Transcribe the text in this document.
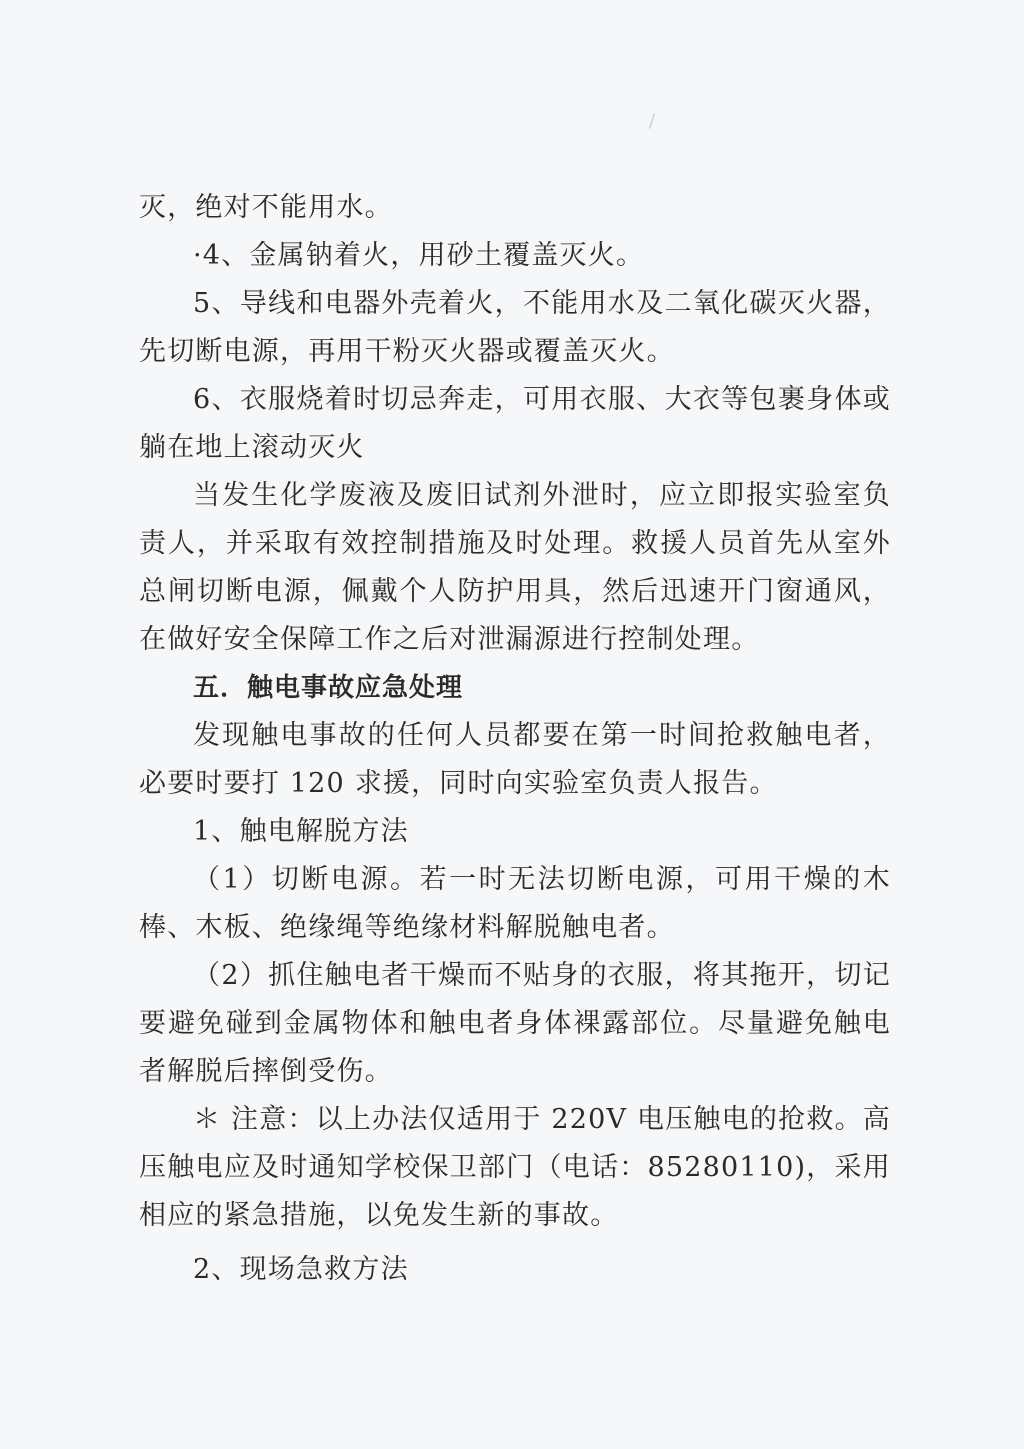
灭，绝对不能用水。

·4、金属钠着火，用砂土覆盖灭火。

5、导线和电器外壳着火，不能用水及二氧化碳灭火器，先切断电源，再用干粉灭火器或覆盖灭火。

6、衣服烧着时切忌奔走，可用衣服、大衣等包裹身体或躺在地上滚动灭火

当发生化学废液及废旧试剂外泄时，应立即报实验室负责人，并采取有效控制措施及时处理。救援人员首先从室外总闸切断电源，佩戴个人防护用具，然后迅速开门窗通风，在做好安全保障工作之后对泄漏源进行控制处理。

五．触电事故应急处理

发现触电事故的任何人员都要在第一时间抢救触电者，必要时要打 120 求援，同时向实验室负责人报告。

1、触电解脱方法

（1）切断电源。若一时无法切断电源，可用干燥的木棒、木板、绝缘绳等绝缘材料解脱触电者。

（2）抓住触电者干燥而不贴身的衣服，将其拖开，切记要避免碰到金属物体和触电者身体裸露部位。尽量避免触电者解脱后摔倒受伤。

＊ 注意：以上办法仅适用于 220V 电压触电的抢救。高压触电应及时通知学校保卫部门（电话：85280110)，采用相应的紧急措施，以免发生新的事故。

2、现场急救方法
